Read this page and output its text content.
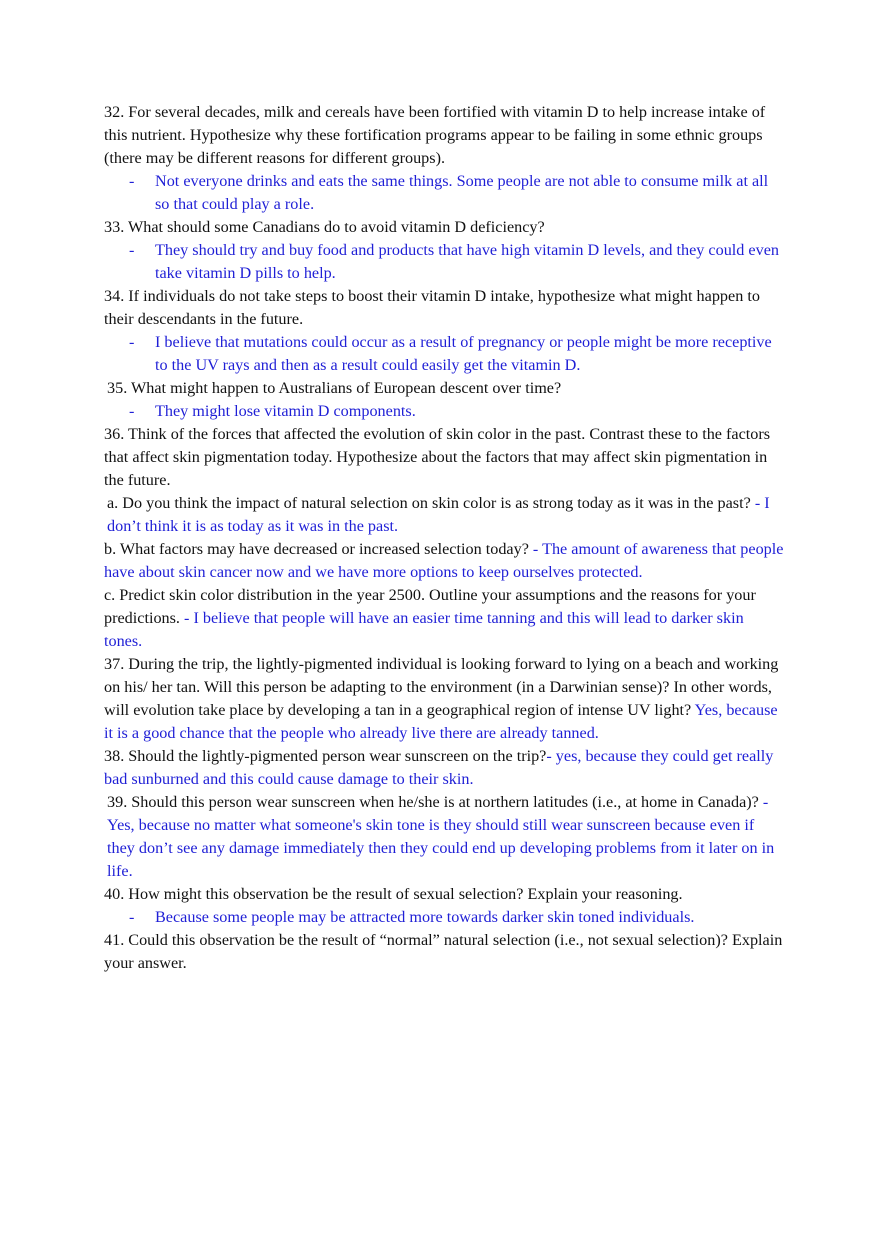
32. For several decades, milk and cereals have been fortified with vitamin D to help increase intake of this nutrient. Hypothesize why these fortification programs appear to be failing in some ethnic groups (there may be different reasons for different groups).

- Not everyone drinks and eats the same things. Some people are not able to consume milk at all so that could play a role.

33. What should some Canadians do to avoid vitamin D deficiency?

- They should try and buy food and products that have high vitamin D levels, and they could even take vitamin D pills to help.

34. If individuals do not take steps to boost their vitamin D intake, hypothesize what might happen to their descendants in the future.

- I believe that mutations could occur as a result of pregnancy or people might be more receptive to the UV rays and then as a result could easily get the vitamin D.

35. What might happen to Australians of European descent over time?

- They might lose vitamin D components.

36. Think of the forces that affected the evolution of skin color in the past. Contrast these to the factors that affect skin pigmentation today. Hypothesize about the factors that may affect skin pigmentation in the future.

a. Do you think the impact of natural selection on skin color is as strong today as it was in the past? - I don’t think it is as today as it was in the past.

b. What factors may have decreased or increased selection today? - The amount of awareness that people have about skin cancer now and we have more options to keep ourselves protected.

c. Predict skin color distribution in the year 2500. Outline your assumptions and the reasons for your predictions. - I believe that people will have an easier time tanning and this will lead to darker skin tones.

37. During the trip, the lightly-pigmented individual is looking forward to lying on a beach and working on his/ her tan. Will this person be adapting to the environment (in a Darwinian sense)? In other words, will evolution take place by developing a tan in a geographical region of intense UV light? Yes, because it is a good chance that the people who already live there are already tanned.

38. Should the lightly-pigmented person wear sunscreen on the trip?- yes, because they could get really bad sunburned and this could cause damage to their skin.

39. Should this person wear sunscreen when he/she is at northern latitudes (i.e., at home in Canada)? - Yes, because no matter what someone's skin tone is they should still wear sunscreen because even if they don’t see any damage immediately then they could end up developing problems from it later on in life.

40. How might this observation be the result of sexual selection? Explain your reasoning.

- Because some people may be attracted more towards darker skin toned individuals.

41. Could this observation be the result of “normal” natural selection (i.e., not sexual selection)? Explain your answer.
